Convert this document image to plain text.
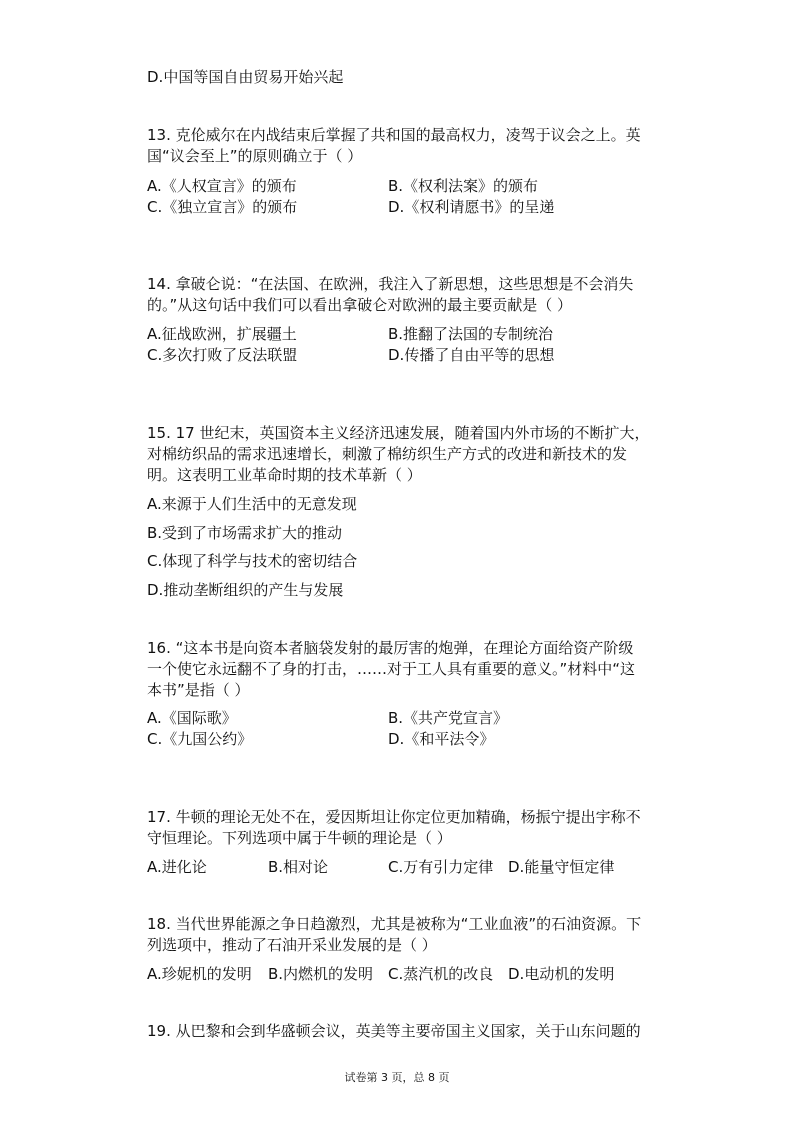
D.中国等国自由贸易开始兴起
13. 克伦威尔在内战结束后掌握了共和国的最高权力，凌驾于议会之上。英
国“议会至上”的原则确立于（ ）
A.《人权宣言》的颁布	B.《权利法案》的颁布
C.《独立宣言》的颁布	D.《权利请愿书》的呈递
14. 拿破仑说：“在法国、在欧洲，我注入了新思想，这些思想是不会消失
的。”从这句话中我们可以看出拿破仑对欧洲的最主要贡献是（ ）
A.征战欧洲，扩展疆土	B.推翻了法国的专制统治
C.多次打败了反法联盟	D.传播了自由平等的思想
15. 17 世纪末，英国资本主义经济迅速发展，随着国内外市场的不断扩大，
对棉纺织品的需求迅速增长，刺激了棉纺织生产方式的改进和新技术的发
明。这表明工业革命时期的技术革新（ ）
A.来源于人们生活中的无意发现
B.受到了市场需求扩大的推动
C.体现了科学与技术的密切结合
D.推动垄断组织的产生与发展
16. “这本书是向资本者脑袋发射的最厉害的炮弹，在理论方面给资产阶级
一个使它永远翻不了身的打击，……对于工人具有重要的意义。”材料中“这
本书”是指（ ）
A.《国际歌》	B.《共产党宣言》
C.《九国公约》	D.《和平法令》
17. 牛顿的理论无处不在，爱因斯坦让你定位更加精确，杨振宁提出宇称不
守恒理论。下列选项中属于牛顿的理论是（ ）
A.进化论	B.相对论	C.万有引力定律 D.能量守恒定律
18. 当代世界能源之争日趋激烈，尤其是被称为“工业血液”的石油资源。下
列选项中，推动了石油开采业发展的是（ ）
A.珍妮机的发明 B.内燃机的发明 C.蒸汽机的改良 D.电动机的发明
19. 从巴黎和会到华盛顿会议，英美等主要帝国主义国家，关于山东问题的
试卷第 3 页，总 8 页
